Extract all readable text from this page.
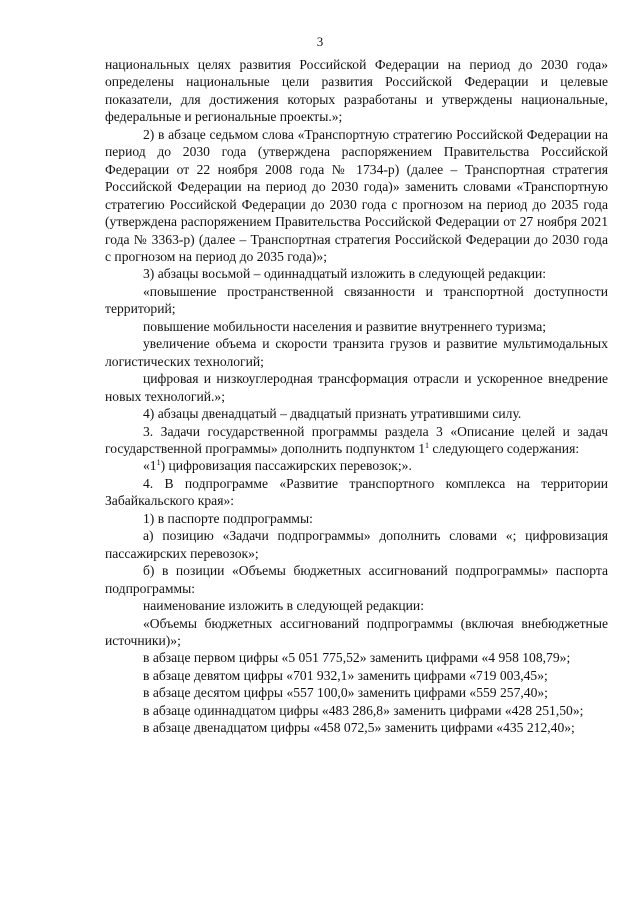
3

национальных целях развития Российской Федерации на период до 2030 года» определены национальные цели развития Российской Федерации и целевые показатели, для достижения которых разработаны и утверждены национальные, федеральные и региональные проекты.»;

2) в абзаце седьмом слова «Транспортную стратегию Российской Федерации на период до 2030 года (утверждена распоряжением Правительства Российской Федерации от 22 ноября 2008 года № 1734-р) (далее – Транспортная стратегия Российской Федерации на период до 2030 года)» заменить словами «Транспортную стратегию Российской Федерации до 2030 года с прогнозом на период до 2035 года (утверждена распоряжением Правительства Российской Федерации от 27 ноября 2021 года № 3363-р) (далее – Транспортная стратегия Российской Федерации до 2030 года с прогнозом на период до 2035 года)»;

3) абзацы восьмой – одиннадцатый изложить в следующей редакции:

«повышение пространственной связанности и транспортной доступности территорий;

повышение мобильности населения и развитие внутреннего туризма;

увеличение объема и скорости транзита грузов и развитие мультимодальных логистических технологий;

цифровая и низкоуглеродная трансформация отрасли и ускоренное внедрение новых технологий.»;

4) абзацы двенадцатый – двадцатый признать утратившими силу.

3. Задачи государственной программы раздела 3 «Описание целей и задач государственной программы» дополнить подпунктом $1^1$ следующего содержания:

«$1^1$) цифровизация пассажирских перевозок;».

4. В подпрограмме «Развитие транспортного комплекса на территории Забайкальского края»:

1) в паспорте подпрограммы:

а) позицию «Задачи подпрограммы» дополнить словами «; цифровизация пассажирских перевозок»;

б) в позиции «Объемы бюджетных ассигнований подпрограммы» паспорта подпрограммы:

наименование изложить в следующей редакции:

«Объемы бюджетных ассигнований подпрограммы (включая внебюджетные источники)»;

в абзаце первом цифры «5 051 775,52» заменить цифрами «4 958 108,79»;

в абзаце девятом цифры «701 932,1» заменить цифрами «719 003,45»;

в абзаце десятом цифры «557 100,0» заменить цифрами «559 257,40»;

в абзаце одиннадцатом цифры «483 286,8» заменить цифрами «428 251,50»;

в абзаце двенадцатом цифры «458 072,5» заменить цифрами «435 212,40»;
